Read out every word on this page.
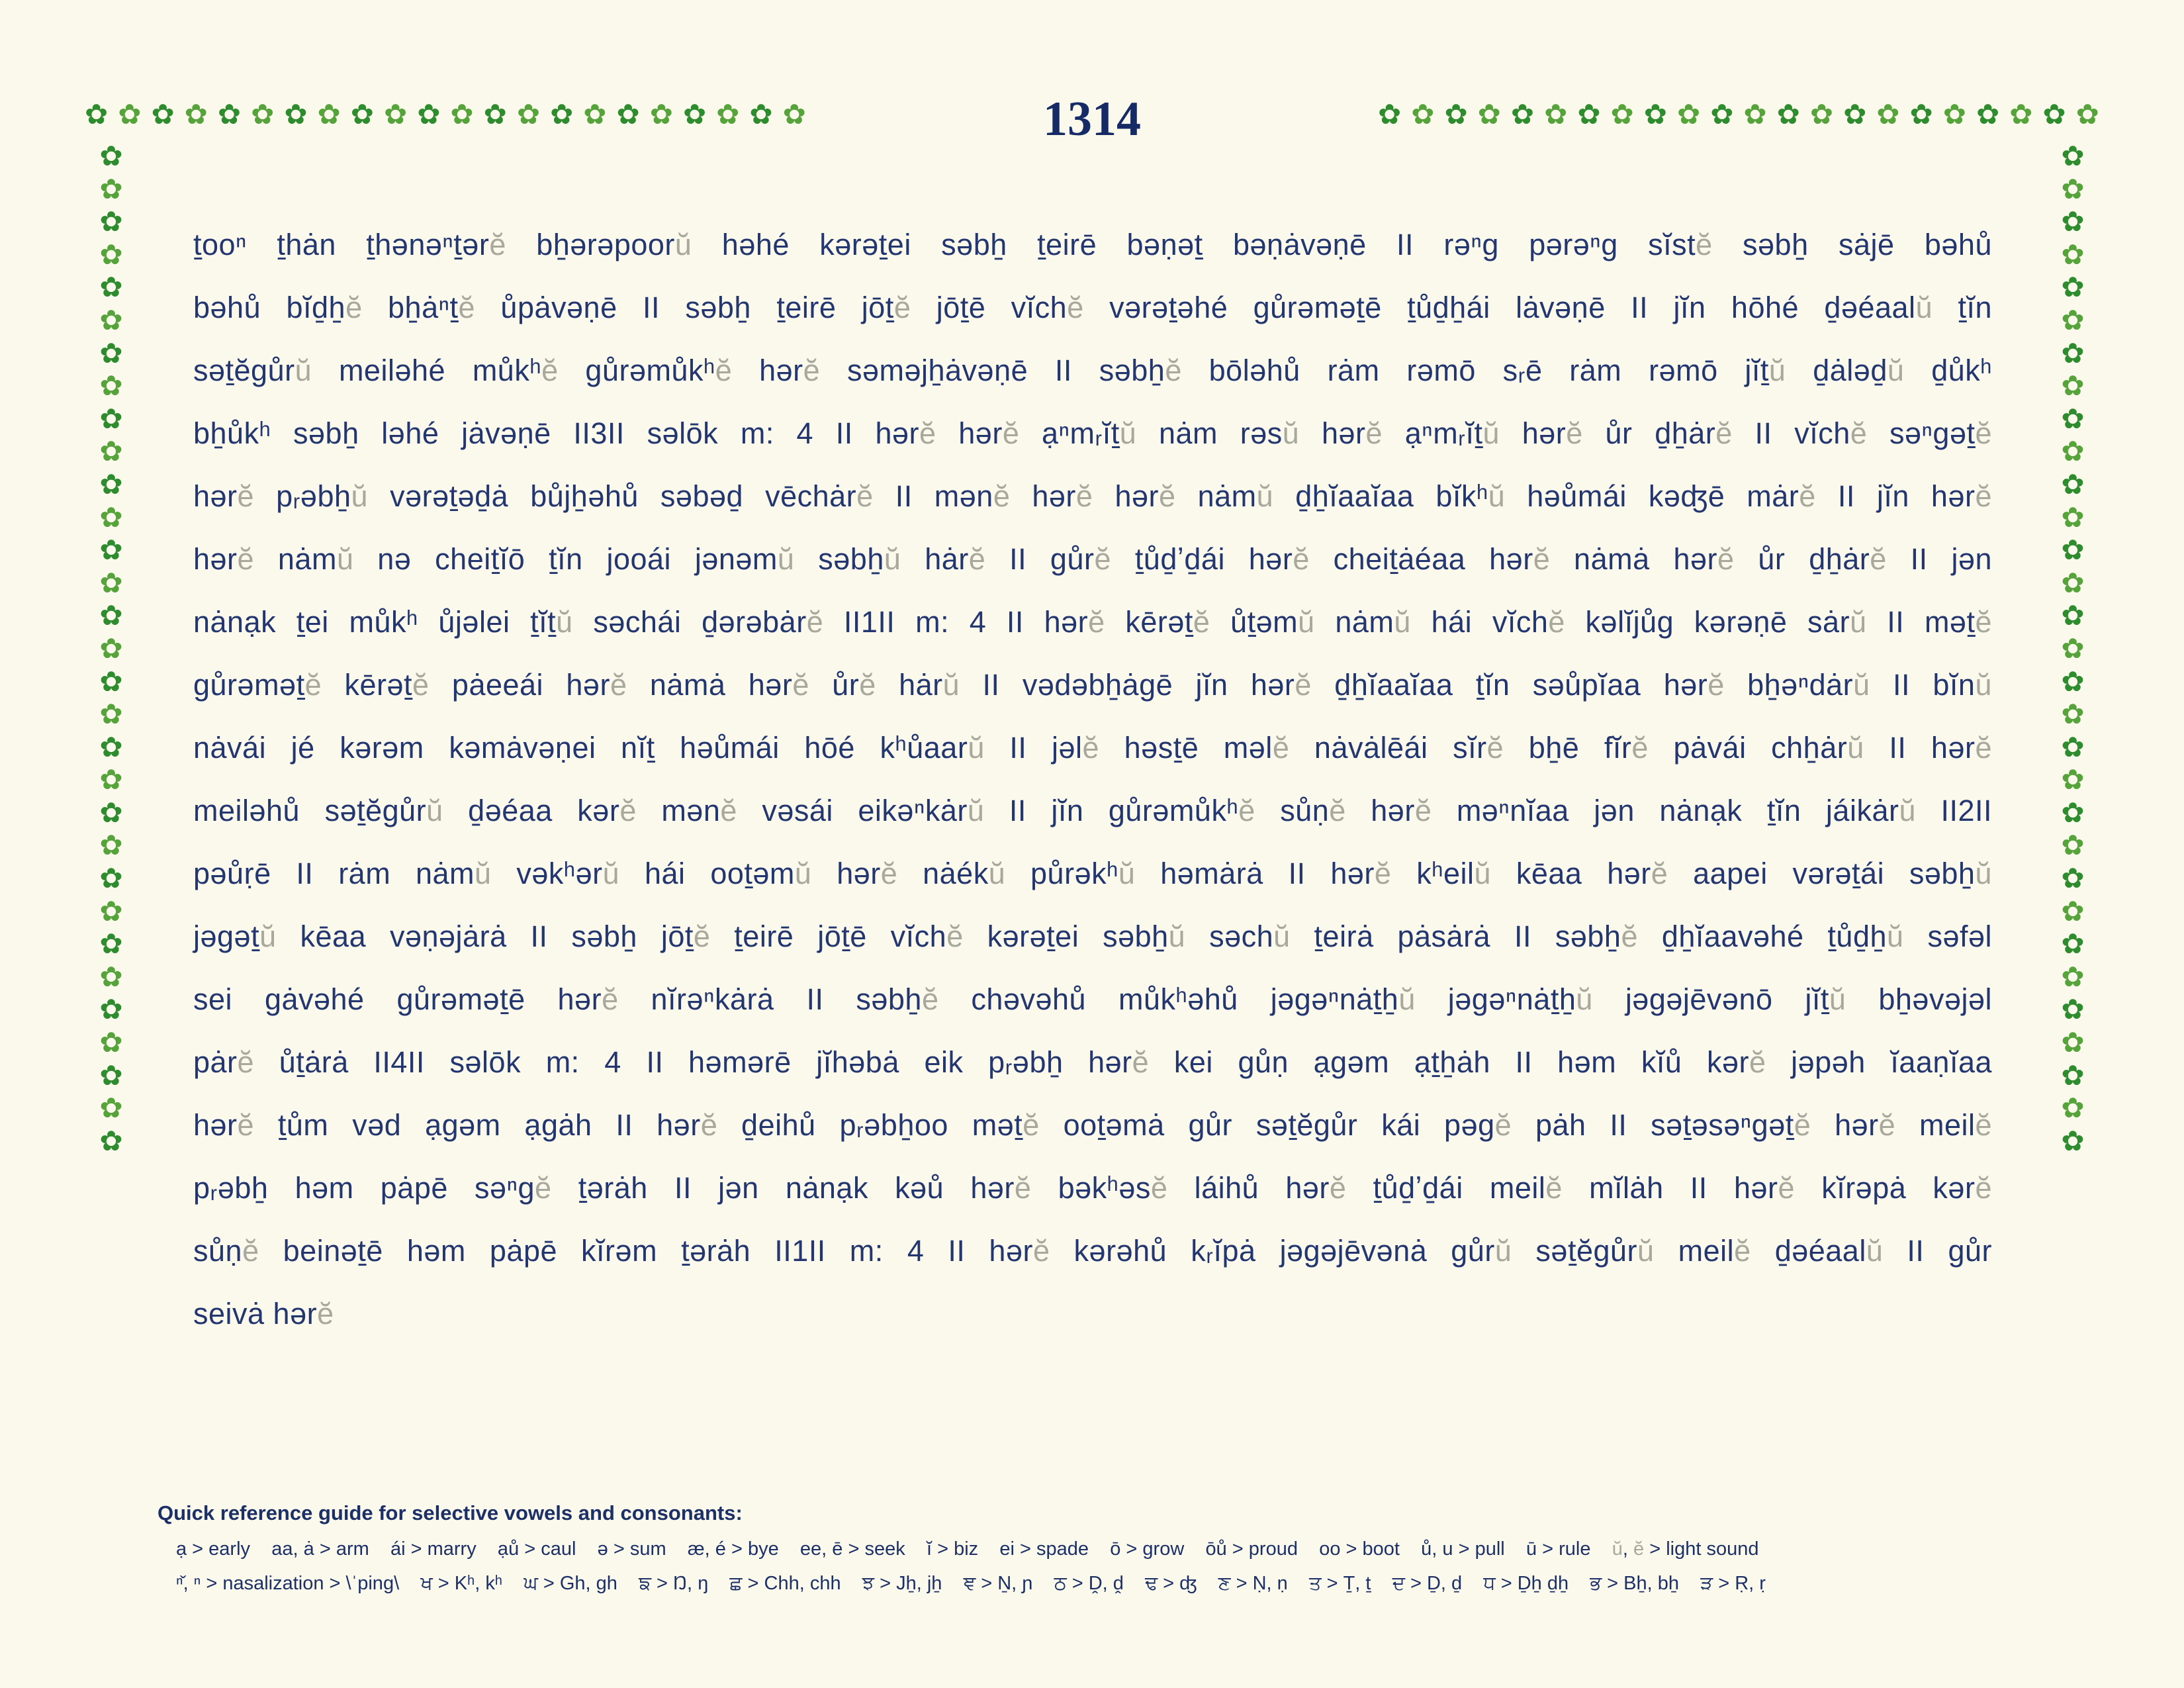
✿ ✿ ✿ ✿ ✿ ✿ ✿ ✿ ✿ ✿ ✿ ✿ ✿ ✿ ✿ ✿ ✿ ✿ ✿ ✿ ✿ ✿	1314	✿ ✿ ✿ ✿ ✿ ✿ ✿ ✿ ✿ ✿ ✿ ✿ ✿ ✿ ✿ ✿ ✿ ✿ ✿ ✿ ✿ ✿
✿
✿
✿
✿
✿
✿
✿
✿
✿
✿
✿
✿
✿
✿
✿
✿
✿
✿
✿
✿
✿
✿
✿
✿
✿
✿
✿
✿
✿
✿
✿
✿
✿
✿
✿
✿
✿
✿
✿
✿
✿
✿
✿
✿
✿
✿
✿
✿
✿
✿
✿
✿
✿
✿
✿
✿
✿
✿
✿
✿
✿
✿
ṯooⁿ ṯhȧn ṯhənəⁿṯərĕ bẖərəpoorŭ həhé kərəṯei səbẖ ṯeirē bəṇəṯ bəṇȧvəṇē II rəⁿg pərəⁿg sĭstĕ səbẖ sȧjē bəhů
bəhů bĭḏẖĕ bẖȧⁿṯĕ ůpȧvəṇē II səbẖ ṯeirē jōṯĕ jōṯē vĭchĕ vərəṯəhé gůrəməṯē ṯůḏẖái lȧvəṇē II jĭn hōhé ḏəéaalŭ ṯĭn
səṯĕgůrŭ meiləhé můkʰĕ gůrəmůkʰĕ hərĕ səməjẖȧvəṇē II səbẖĕ bōləhů rȧm rəmō sᵣē rȧm rəmō jĭṯŭ ḏȧləḏŭ ḏůkʰ
bẖůkʰ səbẖ ləhé jȧvəṇē II3II səlōk m: 4 II hərĕ hərĕ ạⁿmᵣĭṯŭ nȧm rəsŭ hərĕ ạⁿmᵣĭṯŭ hərĕ ůr ḏẖȧrĕ II vĭchĕ səⁿgəṯĕ
hərĕ pᵣəbẖŭ vərəṯəḏȧ bůjẖəhů səbəḏ vēchȧrĕ II mənĕ hərĕ hərĕ nȧmŭ ḏẖĭaaĭaa bĭkʰŭ həůmái kəʤē mȧrĕ II jĭn hərĕ
hərĕ nȧmŭ nə cheiṯĭō ṯĭn jooái jənəmŭ səbẖŭ hȧrĕ II gůrĕ ṯůḏʼḏái hərĕ cheiṯȧéaa hərĕ nȧmȧ hərĕ ůr ḏẖȧrĕ II jən
nȧnạk ṯei můkʰ ůjəlei ṯĭṯŭ səchái ḏərəbȧrĕ II1II m: 4 II hərĕ kērəṯĕ ůṯəmŭ nȧmŭ hái vĭchĕ kəlĭjůg kərəṇē sȧrŭ II məṯĕ
gůrəməṯĕ kērəṯĕ pȧeeái hərĕ nȧmȧ hərĕ ůrĕ hȧrŭ II vədəbẖȧgē jĭn hərĕ ḏẖĭaaĭaa ṯĭn səůpĭaa hərĕ bẖəⁿdȧrŭ II bĭnŭ
nȧvái jé kərəm kəmȧvəṇei nĭṯ həůmái hōé kʰůaarŭ II jəlĕ həsṯē məlĕ nȧvȧlēái sĭrĕ bẖē fĭrĕ pȧvái chẖȧrŭ II hərĕ
meiləhů səṯĕgůrŭ ḏəéaa kərĕ mənĕ vəsái eikəⁿkȧrŭ II jĭn gůrəmůkʰĕ sůṇĕ hərĕ məⁿnĭaa jən nȧnạk ṯĭn jáikȧrŭ II2II
pəůṛē II rȧm nȧmŭ vəkʰərŭ hái ooṯəmŭ hərĕ nȧékŭ půrəkʰŭ həmȧrȧ II hərĕ kʰeilŭ kēaa hərĕ aapei vərəṯái səbẖŭ
jəgəṯŭ kēaa vəṇəjȧrȧ II səbẖ jōṯĕ ṯeirē jōṯē vĭchĕ kərəṯei səbẖŭ səchŭ ṯeirȧ pȧsȧrȧ II səbẖĕ ḏẖĭaavəhé ṯůḏẖŭ səfəl
sei gȧvəhé gůrəməṯē hərĕ nĭrəⁿkȧrȧ II səbẖĕ chəvəhů můkʰəhů jəgəⁿnȧṯẖŭ jəgəⁿnȧṯẖŭ jəgəjēvənō jĭṯŭ bẖəvəjəl
pȧrĕ ůṯȧrȧ II4II səlōk m: 4 II həmərē jĭhəbȧ eik pᵣəbẖ hərĕ kei gůṇ ạgəm ạṯẖȧh II həm kĭů kərĕ jəpəh ĭaaṇĭaa
hərĕ ṯům vəd ạgəm ạgȧh II hərĕ ḏeihů pᵣəbẖoo məṯĕ ooṯəmȧ gůr səṯĕgůr kái pəgĕ pȧh II səṯəsəⁿgəṯĕ hərĕ meilĕ
pᵣəbẖ həm pȧpē səⁿgĕ ṯərȧh II jən nȧnạk kəů hərĕ bəkʰəsĕ láihů hərĕ ṯůḏʼḏái meilĕ mĭlȧh II hərĕ kĭrəpȧ kərĕ
sůṇĕ beinəṯē həm pȧpē kĭrəm ṯərȧh II1II m: 4 II hərĕ kərəhů kᵣĭpȧ jəgəjēvənȧ gůrŭ səṯĕgůrŭ meilĕ ḏəéaalŭ II gůr
seivȧ hərĕ
Quick reference guide for selective vowels and consonants:
ạ > early    aa, ȧ > arm    ái > marry    ạů > caul    ə > sum    æ, é > bye    ee, ē > seek    ĭ > biz    ei > spade    ō > grow    ōů > proud    oo > boot    ů, u > pull    ū > rule    ŭ, ĕ > light sound
ⁿ̌, ⁿ > nasalization > \ˈping\    ਖ > Kʰ, kʰ    ਘ > Gh, gh    ਙ > Ŋ, ŋ    ਛ > Chh, chh    ਝ > Jẖ, jẖ    ਞ > Ṉ, ɲ    ਠ > Ḓ, ḓ    ਢ > ʤ    ਣ > Ṇ, ṇ    ਤ > Ṯ, ṯ    ਦ > Ḏ, ḏ    ਧ > Ḏẖ ḏẖ    ਭ > Bẖ, bẖ    ੜ > Ṛ, ṛ
